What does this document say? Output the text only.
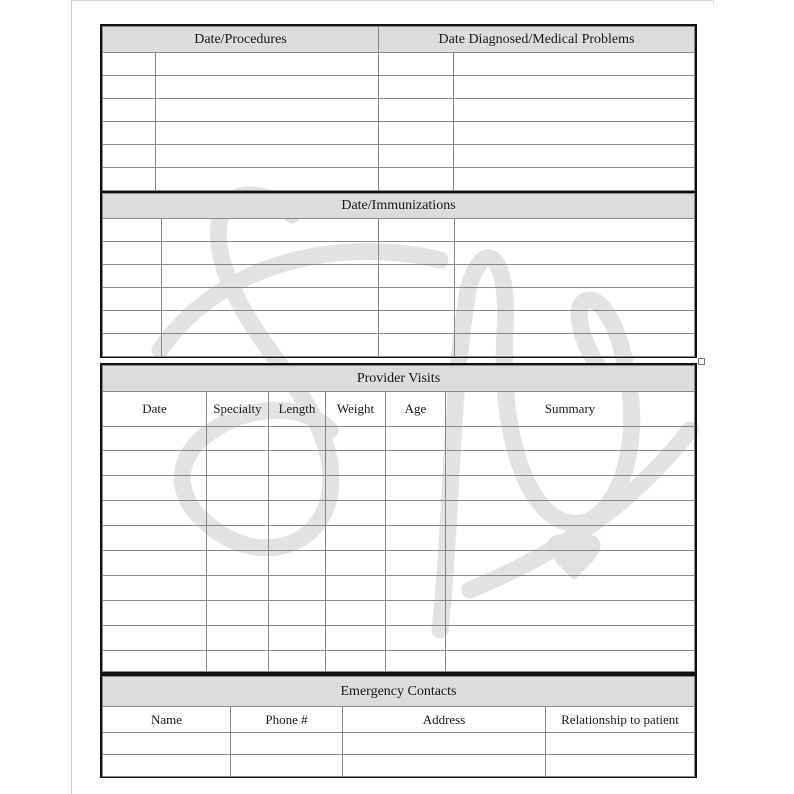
Date/Procedures		Date Diagnosed/Medical Problems	

Date/Immunizations			

Provider Visits					
Date	Specialty	Length	Weight	Age	Summary

Emergency Contacts			
Name	Phone #	Address	Relationship to patient
